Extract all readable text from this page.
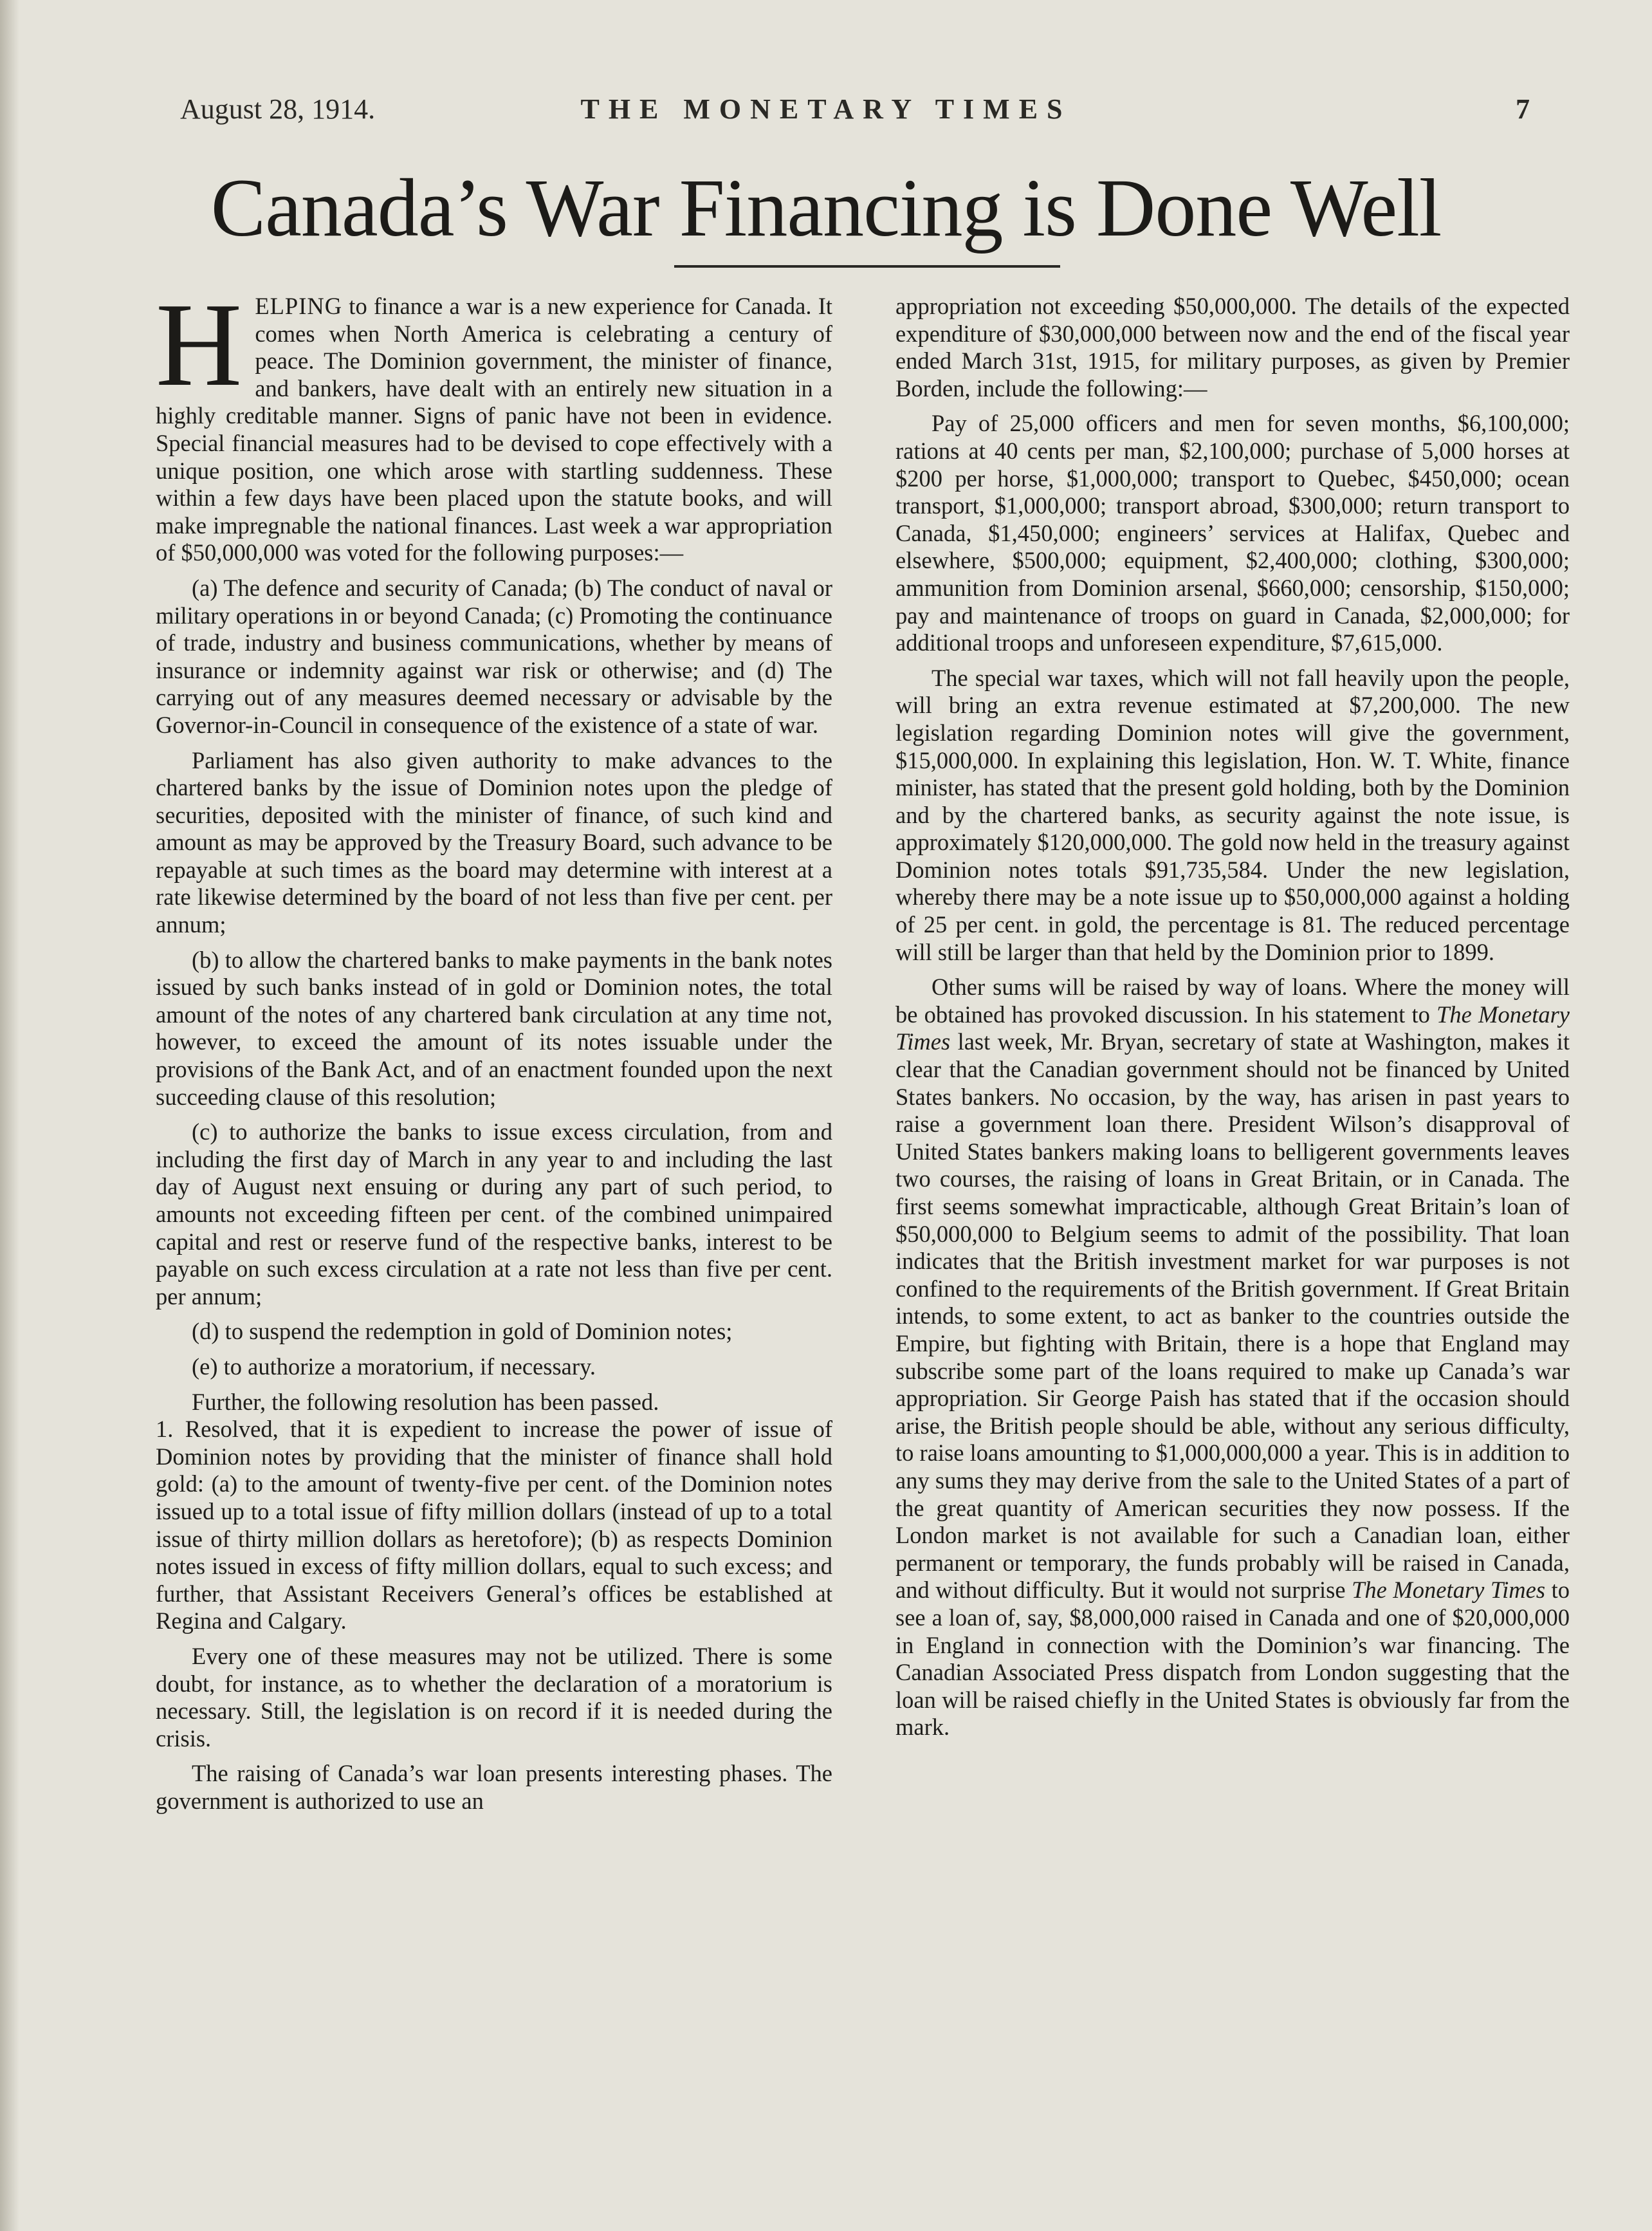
August 28, 1914.	THE MONETARY TIMES	7
Canada’s War Financing is Done Well

HELPING to finance a war is a new experience for Canada. It comes when North America is celebrating a century of peace. The Dominion government, the minister of finance, and bankers, have dealt with an entirely new situation in a highly creditable manner. Signs of panic have not been in evidence. Special financial measures had to be devised to cope effectively with a unique position, one which arose with startling suddenness. These within a few days have been placed upon the statute books, and will make impregnable the national finances. Last week a war appropriation of $50,000,000 was voted for the following purposes:—

(a) The defence and security of Canada; (b) The conduct of naval or military operations in or beyond Canada; (c) Promoting the continuance of trade, industry and business communications, whether by means of insurance or indemnity against war risk or otherwise; and (d) The carrying out of any measures deemed necessary or advisable by the Governor-in-Council in consequence of the existence of a state of war.

Parliament has also given authority to make advances to the chartered banks by the issue of Dominion notes upon the pledge of securities, deposited with the minister of finance, of such kind and amount as may be approved by the Treasury Board, such advance to be repayable at such times as the board may determine with interest at a rate likewise determined by the board of not less than five per cent. per annum;

(b) to allow the chartered banks to make payments in the bank notes issued by such banks instead of in gold or Dominion notes, the total amount of the notes of any chartered bank circulation at any time not, however, to exceed the amount of its notes issuable under the provisions of the Bank Act, and of an enactment founded upon the next succeeding clause of this resolution;

(c) to authorize the banks to issue excess circulation, from and including the first day of March in any year to and including the last day of August next ensuing or during any part of such period, to amounts not exceeding fifteen per cent. of the combined unimpaired capital and rest or reserve fund of the respective banks, interest to be payable on such excess circulation at a rate not less than five per cent. per annum;

(d) to suspend the redemption in gold of Dominion notes;

(e) to authorize a moratorium, if necessary.

Further, the following resolution has been passed.

1. Resolved, that it is expedient to increase the power of issue of Dominion notes by providing that the minister of finance shall hold gold: (a) to the amount of twenty-five per cent. of the Dominion notes issued up to a total issue of fifty million dollars (instead of up to a total issue of thirty million dollars as heretofore); (b) as respects Dominion notes issued in excess of fifty million dollars, equal to such excess; and further, that Assistant Receivers General’s offices be established at Regina and Calgary.

Every one of these measures may not be utilized. There is some doubt, for instance, as to whether the declaration of a moratorium is necessary. Still, the legislation is on record if it is needed during the crisis.

The raising of Canada’s war loan presents interesting phases. The government is authorized to use an

appropriation not exceeding $50,000,000. The details of the expected expenditure of $30,000,000 between now and the end of the fiscal year ended March 31st, 1915, for military purposes, as given by Premier Borden, include the following:—

Pay of 25,000 officers and men for seven months, $6,100,000; rations at 40 cents per man, $2,100,000; purchase of 5,000 horses at $200 per horse, $1,000,000; transport to Quebec, $450,000; ocean transport, $1,000,000; transport abroad, $300,000; return transport to Canada, $1,450,000; engineers’ services at Halifax, Quebec and elsewhere, $500,000; equipment, $2,400,000; clothing, $300,000; ammunition from Dominion arsenal, $660,000; censorship, $150,000; pay and maintenance of troops on guard in Canada, $2,000,000; for additional troops and unforeseen expenditure, $7,615,000.

The special war taxes, which will not fall heavily upon the people, will bring an extra revenue estimated at $7,200,000. The new legislation regarding Dominion notes will give the government, $15,000,000. In explaining this legislation, Hon. W. T. White, finance minister, has stated that the present gold holding, both by the Dominion and by the chartered banks, as security against the note issue, is approximately $120,000,000. The gold now held in the treasury against Dominion notes totals $91,735,584. Under the new legislation, whereby there may be a note issue up to $50,000,000 against a holding of 25 per cent. in gold, the percentage is 81. The reduced percentage will still be larger than that held by the Dominion prior to 1899.

Other sums will be raised by way of loans. Where the money will be obtained has provoked discussion. In his statement to The Monetary Times last week, Mr. Bryan, secretary of state at Washington, makes it clear that the Canadian government should not be financed by United States bankers. No occasion, by the way, has arisen in past years to raise a government loan there. President Wilson’s disapproval of United States bankers making loans to belligerent governments leaves two courses, the raising of loans in Great Britain, or in Canada. The first seems somewhat impracticable, although Great Britain’s loan of $50,000,000 to Belgium seems to admit of the possibility. That loan indicates that the British investment market for war purposes is not confined to the requirements of the British government. If Great Britain intends, to some extent, to act as banker to the countries outside the Empire, but fighting with Britain, there is a hope that England may subscribe some part of the loans required to make up Canada’s war appropriation. Sir George Paish has stated that if the occasion should arise, the British people should be able, without any serious difficulty, to raise loans amounting to $1,000,000,000 a year. This is in addition to any sums they may derive from the sale to the United States of a part of the great quantity of American securities they now possess. If the London market is not available for such a Canadian loan, either permanent or temporary, the funds probably will be raised in Canada, and without difficulty. But it would not surprise The Monetary Times to see a loan of, say, $8,000,000 raised in Canada and one of $20,000,000 in England in connection with the Dominion’s war financing. The Canadian Associated Press dispatch from London suggesting that the loan will be raised chiefly in the United States is obviously far from the mark.
